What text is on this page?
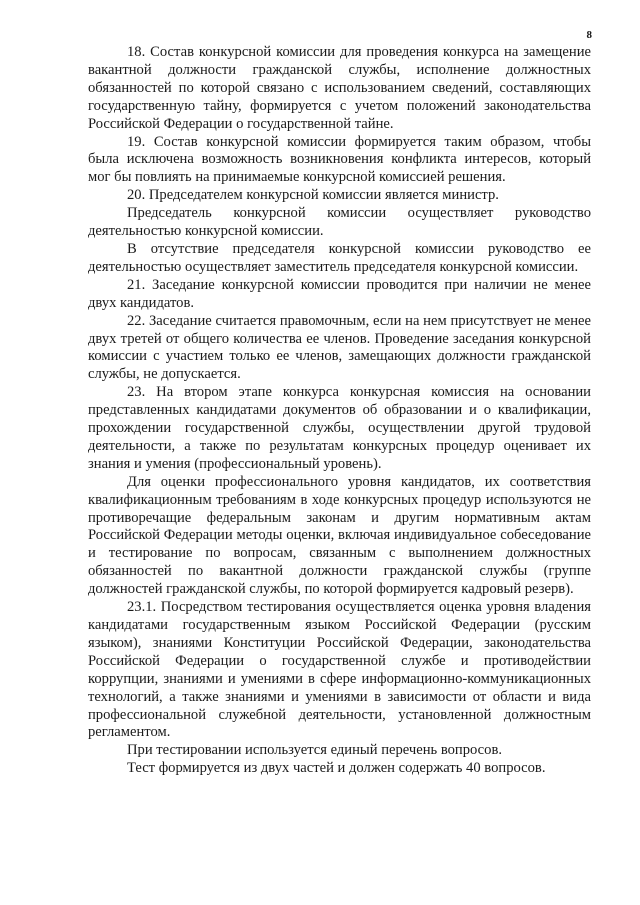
8

18. Состав конкурсной комиссии для проведения конкурса на замещение вакантной должности гражданской службы, исполнение должностных обязанностей по которой связано с использованием сведений, составляющих государственную тайну, формируется с учетом положений законодательства Российской Федерации о государственной тайне.

19. Состав конкурсной комиссии формируется таким образом, чтобы была исключена возможность возникновения конфликта интересов, который мог бы повлиять на принимаемые конкурсной комиссией решения.

20. Председателем конкурсной комиссии является министр.

Председатель конкурсной комиссии осуществляет руководство деятельностью конкурсной комиссии.

В отсутствие председателя конкурсной комиссии руководство ее деятельностью осуществляет заместитель председателя конкурсной комиссии.

21. Заседание конкурсной комиссии проводится при наличии не менее двух кандидатов.

22. Заседание считается правомочным, если на нем присутствует не менее двух третей от общего количества ее членов. Проведение заседания конкурсной комиссии с участием только ее членов, замещающих должности гражданской службы, не допускается.

23. На втором этапе конкурса конкурсная комиссия на основании представленных кандидатами документов об образовании и о квалификации, прохождении государственной службы, осуществлении другой трудовой деятельности, а также по результатам конкурсных процедур оценивает их знания и умения (профессиональный уровень).

Для оценки профессионального уровня кандидатов, их соответствия квалификационным требованиям в ходе конкурсных процедур используются не противоречащие федеральным законам и другим нормативным актам Российской Федерации методы оценки, включая индивидуальное собеседование и тестирование по вопросам, связанным с выполнением должностных обязанностей по вакантной должности гражданской службы (группе должностей гражданской службы, по которой формируется кадровый резерв).

23.1. Посредством тестирования осуществляется оценка уровня владения кандидатами государственным языком Российской Федерации (русским языком), знаниями Конституции Российской Федерации, законодательства Российской Федерации о государственной службе и противодействии коррупции, знаниями и умениями в сфере информационно-коммуникационных технологий, а также знаниями и умениями в зависимости от области и вида профессиональной служебной деятельности, установленной должностным регламентом.

При тестировании используется единый перечень вопросов.

Тест формируется из двух частей и должен содержать 40 вопросов.
